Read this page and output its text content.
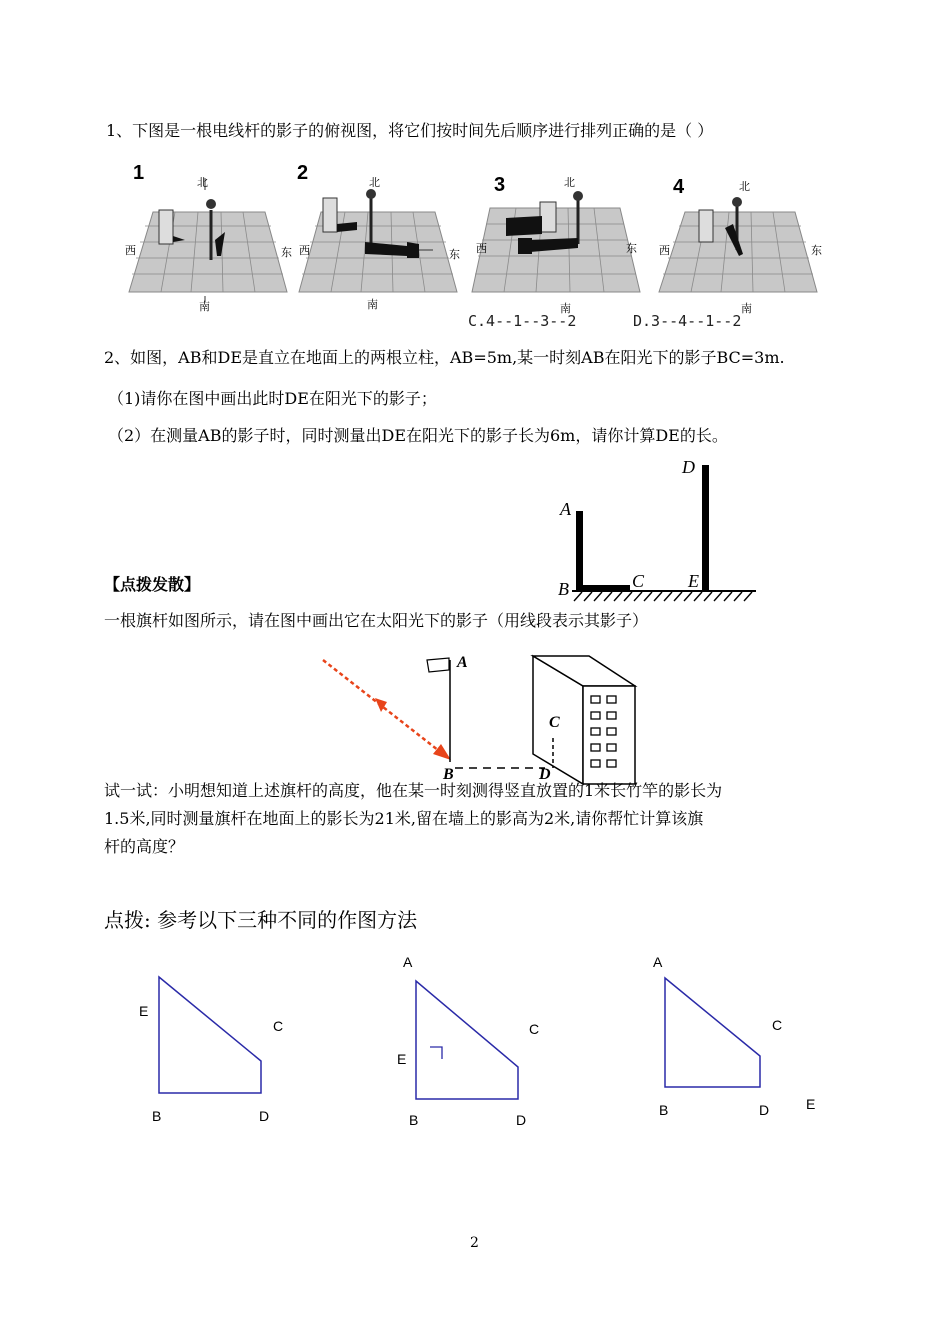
1、下图是一根电线杆的影子的俯视图，将它们按时间先后顺序进行排列正确的是（ ）
1	北
南
西	东
2	北
南
西	东
3	北
南
西	东
4	北
南
西	东
C.4--1--3--2	D.3--4--1--2
2、如图，AB和DE是直立在地面上的两根立柱，AB=5m,某一时刻AB在阳光下的影子BC=3m.
（1)请你在图中画出此时DE在阳光下的影子；
（2）在测量AB的影子时，同时测量出DE在阳光下的影子长为6m，请你计算DE的长。
A
B	C
D
E
【点拨发散】
一根旗杆如图所示，请在图中画出它在太阳光下的影子（用线段表示其影子）
A
B
C
D
试一试：小明想知道上述旗杆的高度，他在某一时刻测得竖直放置的1米长竹竿的影长为
1.5米,同时测量旗杆在地面上的影长为21米,留在墙上的影高为2米,请你帮忙计算该旗
杆的高度？
点拨: 参考以下三种不同的作图方法
E
C
B	D
A
C
E
B	D
A
C
B	D	E
2
